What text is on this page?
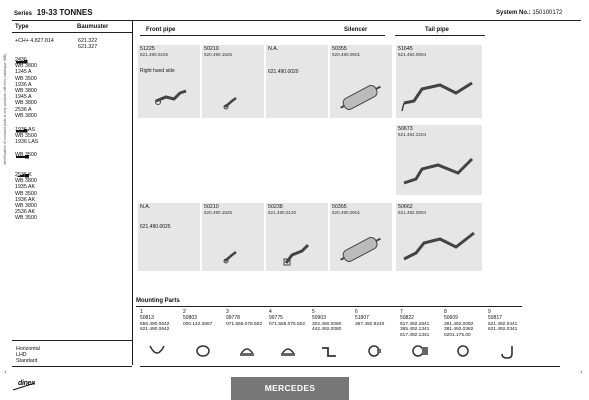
Series 19-33 TONNES	System No.: 150100172
Type	Baumuster	Front pipe	Silencer	Tail pipe
Identification of exhaust parts is only possible with this catalogue (MB)
+CH+ 4.827.814	621.322
621.327
2436
WB 3800
1245 A
WB 3500
1936 A
WB 3800
1945 A
WB 3800
2536 A
WB 3800
1936 AS
WB 3500
1936 LAS
WB 3500
2536 K
WB 3800
1935 AK
WB 3500
1936 AK
WB 3800
2536 AK
WB 3500
51225
621.490.0225
Right hand side
50210
620.490.1625
N.A.
621.490.0020
50355
620.490.0601
51645
621.492.0904
50673
621.492.2204
N.A.
621.490.0025
50210
620.490.1625
50238
621.490.0120
50355
620.490.0601
50662
621.492.0804
Mounting Parts
1
50813
655.490.0642
621.490.0642
2
50803
000.142.3657
3
99778
071.555.078.502
4
99775
071.555.075.502
5
50903
302.490.0080
442.492.0080
6
51807
367.492.8240
7
50822
617.492.2841
385.492.1341
617.492.1341
8
50609
381.492.0082
381.492.0382
0201.175.00
9
50817
621.492.0441
621.492.0341
Horizontal
LHD
Standard
1	1
dinex	MERCEDES
